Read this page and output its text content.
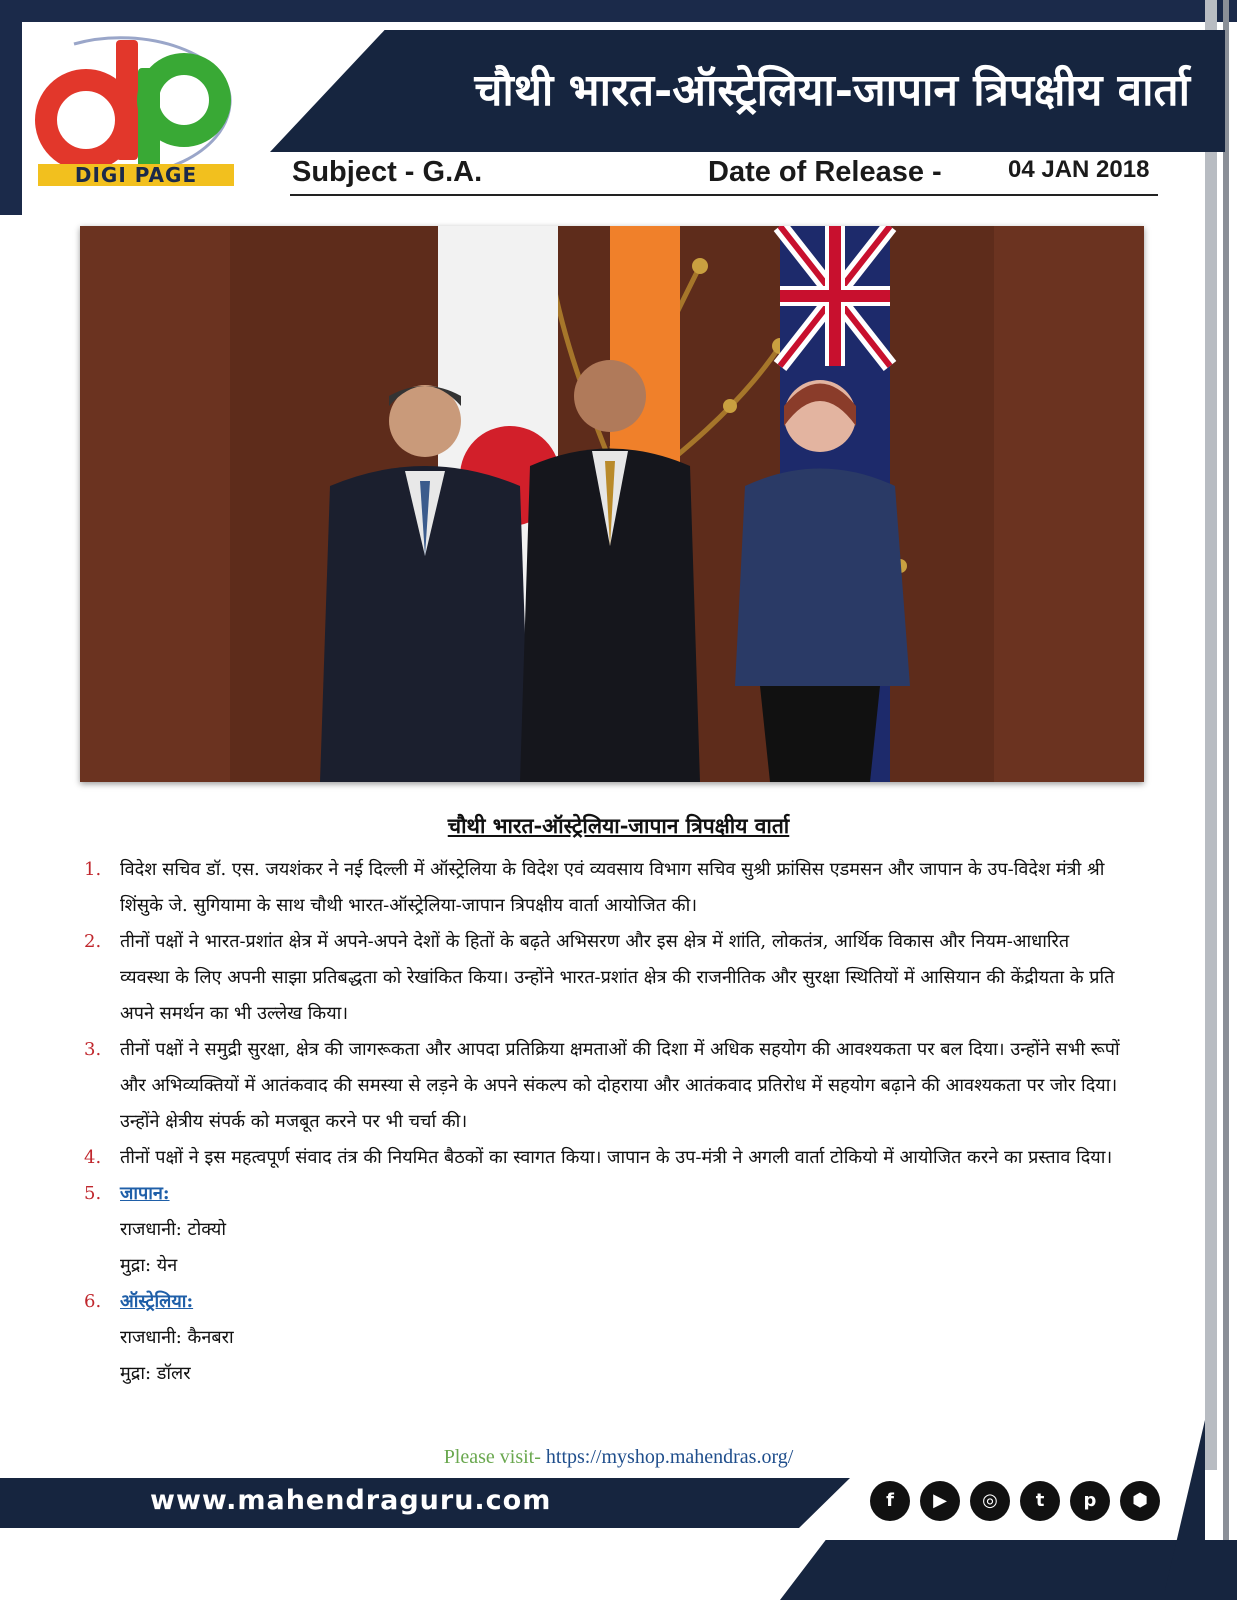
DIGI PAGE
चौथी भारत-ऑस्ट्रेलिया-जापान त्रिपक्षीय वार्ता
Subject - G.A.	Date of Release -	04 JAN 2018
चौथी भारत-ऑस्ट्रेलिया-जापान त्रिपक्षीय वार्ता
1. विदेश सचिव डॉ. एस. जयशंकर ने नई दिल्ली में ऑस्ट्रेलिया के विदेश एवं व्यवसाय विभाग सचिव सुश्री फ्रांसिस एडमसन और जापान के उप-विदेश मंत्री श्री शिंसुके जे. सुगियामा के साथ चौथी भारत-ऑस्ट्रेलिया-जापान त्रिपक्षीय वार्ता आयोजित की।
2. तीनों पक्षों ने भारत-प्रशांत क्षेत्र में अपने-अपने देशों के हितों के बढ़ते अभिसरण और इस क्षेत्र में शांति, लोकतंत्र, आर्थिक विकास और नियम-आधारित व्यवस्था के लिए अपनी साझा प्रतिबद्धता को रेखांकित किया। उन्होंने भारत-प्रशांत क्षेत्र की राजनीतिक और सुरक्षा स्थितियों में आसियान की केंद्रीयता के प्रति अपने समर्थन का भी उल्लेख किया।
3. तीनों पक्षों ने समुद्री सुरक्षा, क्षेत्र की जागरूकता और आपदा प्रतिक्रिया क्षमताओं की दिशा में अधिक सहयोग की आवश्यकता पर बल दिया। उन्होंने सभी रूपों और अभिव्यक्तियों में आतंकवाद की समस्या से लड़ने के अपने संकल्प को दोहराया और आतंकवाद प्रतिरोध में सहयोग बढ़ाने की आवश्यकता पर जोर दिया। उन्होंने क्षेत्रीय संपर्क को मजबूत करने पर भी चर्चा की।
4. तीनों पक्षों ने इस महत्वपूर्ण संवाद तंत्र की नियमित बैठकों का स्वागत किया। जापान के उप-मंत्री ने अगली वार्ता टोकियो में आयोजित करने का प्रस्ताव दिया।
5. जापान:
राजधानी: टोक्यो
मुद्रा: येन
6. ऑस्ट्रेलिया:
राजधानी: कैनबरा
मुद्रा: डॉलर
Please visit- https://myshop.mahendras.org/
www.mahendraguru.com	f	▶	◎	t	p	⬢
